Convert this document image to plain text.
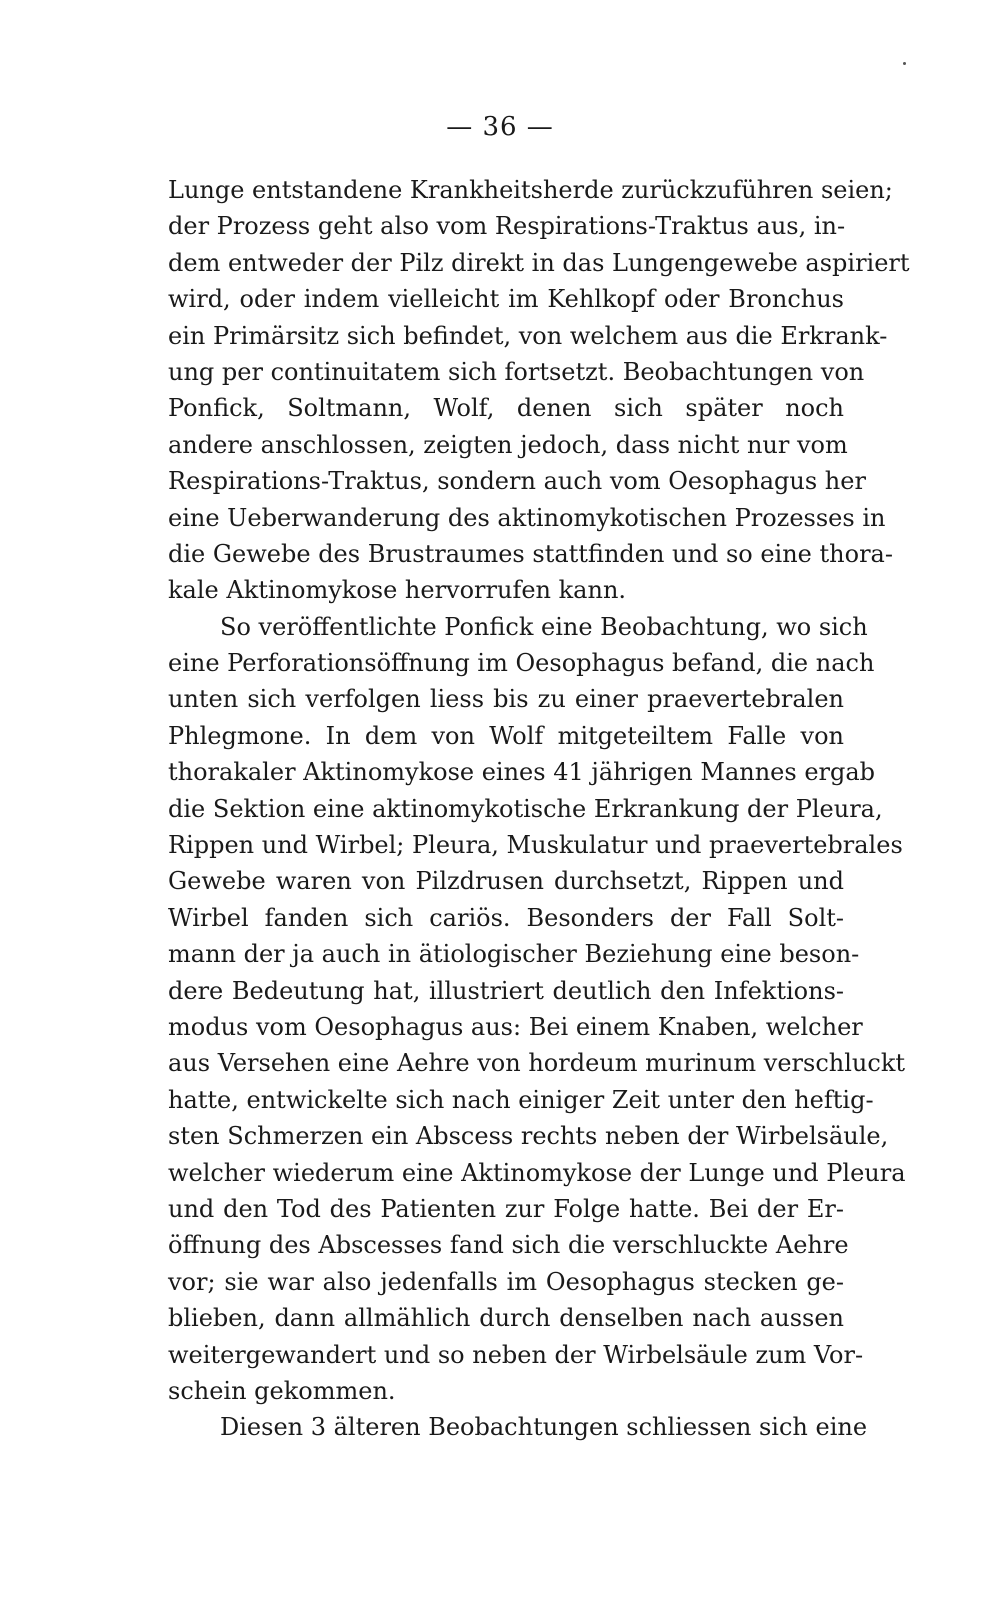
— 36 —
Lunge entstandene Krankheitsherde zurückzuführen seien;
der Prozess geht also vom Respirations-Traktus aus, in-
dem entweder der Pilz direkt in das Lungengewebe aspiriert
wird, oder indem vielleicht im Kehlkopf oder Bronchus
ein Primärsitz sich befindet, von welchem aus die Erkrank-
ung per continuitatem sich fortsetzt. Beobachtungen von
Ponfick, Soltmann, Wolf, denen sich später noch
andere anschlossen, zeigten jedoch, dass nicht nur vom
Respirations-Traktus, sondern auch vom Oesophagus her
eine Ueberwanderung des aktinomykotischen Prozesses in
die Gewebe des Brustraumes stattfinden und so eine thora-
kale Aktinomykose hervorrufen kann.
So veröffentlichte Ponfick eine Beobachtung, wo sich
eine Perforationsöffnung im Oesophagus befand, die nach
unten sich verfolgen liess bis zu einer praevertebralen
Phlegmone. In dem von Wolf mitgeteiltem Falle von
thorakaler Aktinomykose eines 41 jährigen Mannes ergab
die Sektion eine aktinomykotische Erkrankung der Pleura,
Rippen und Wirbel; Pleura, Muskulatur und praevertebrales
Gewebe waren von Pilzdrusen durchsetzt, Rippen und
Wirbel fanden sich cariös. Besonders der Fall Solt-
mann der ja auch in ätiologischer Beziehung eine beson-
dere Bedeutung hat, illustriert deutlich den Infektions-
modus vom Oesophagus aus: Bei einem Knaben, welcher
aus Versehen eine Aehre von hordeum murinum verschluckt
hatte, entwickelte sich nach einiger Zeit unter den heftig-
sten Schmerzen ein Abscess rechts neben der Wirbelsäule,
welcher wiederum eine Aktinomykose der Lunge und Pleura
und den Tod des Patienten zur Folge hatte. Bei der Er-
öffnung des Abscesses fand sich die verschluckte Aehre
vor; sie war also jedenfalls im Oesophagus stecken ge-
blieben, dann allmählich durch denselben nach aussen
weitergewandert und so neben der Wirbelsäule zum Vor-
schein gekommen.
Diesen 3 älteren Beobachtungen schliessen sich eine
